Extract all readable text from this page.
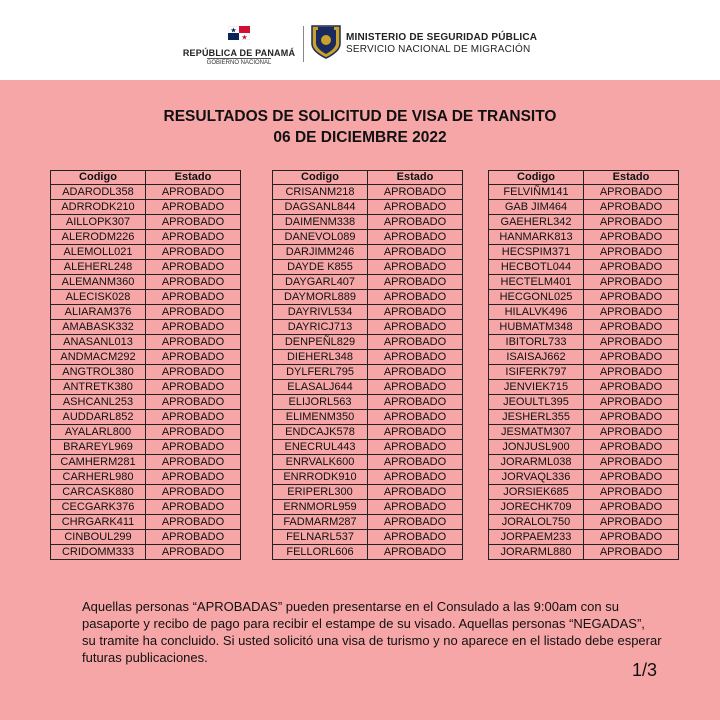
REPÚBLICA DE PANAMÁ
GOBIERNO NACIONAL
MINISTERIO DE SEGURIDAD PÚBLICA
SERVICIO NACIONAL DE MIGRACIÓN
RESULTADOS DE SOLICITUD DE VISA DE TRANSITO
06 DE DICIEMBRE 2022
Codigo	Estado
ADARODL358	APROBADO
ADRRODK210	APROBADO
AILLOPK307	APROBADO
ALERODM226	APROBADO
ALEMOLL021	APROBADO
ALEHERL248	APROBADO
ALEMANM360	APROBADO
ALECISK028	APROBADO
ALIARAM376	APROBADO
AMABASK332	APROBADO
ANASANL013	APROBADO
ANDMACM292	APROBADO
ANGTROL380	APROBADO
ANTRETK380	APROBADO
ASHCANL253	APROBADO
AUDDARL852	APROBADO
AYALARL800	APROBADO
BRAREYL969	APROBADO
CAMHERM281	APROBADO
CARHERL980	APROBADO
CARCASK880	APROBADO
CECGARK376	APROBADO
CHRGARK411	APROBADO
CINBOUL299	APROBADO
CRIDOMM333	APROBADO
Codigo	Estado
CRISANM218	APROBADO
DAGSANL844	APROBADO
DAIMENM338	APROBADO
DANEVOL089	APROBADO
DARJIMM246	APROBADO
DAYDE K855	APROBADO
DAYGARL407	APROBADO
DAYMORL889	APROBADO
DAYRIVL534	APROBADO
DAYRICJ713	APROBADO
DENPEÑL829	APROBADO
DIEHERL348	APROBADO
DYLFERL795	APROBADO
ELASALJ644	APROBADO
ELIJORL563	APROBADO
ELIMENM350	APROBADO
ENDCAJK578	APROBADO
ENECRUL443	APROBADO
ENRVALK600	APROBADO
ENRRODK910	APROBADO
ERIPERL300	APROBADO
ERNMORL959	APROBADO
FADMARM287	APROBADO
FELNARL537	APROBADO
FELLORL606	APROBADO
Codigo	Estado
FELVIÑM141	APROBADO
GAB JIM464	APROBADO
GAEHERL342	APROBADO
HANMARK813	APROBADO
HECSPIM371	APROBADO
HECBOTL044	APROBADO
HECTELM401	APROBADO
HECGONL025	APROBADO
HILALVK496	APROBADO
HUBMATM348	APROBADO
IBITORL733	APROBADO
ISAISAJ662	APROBADO
ISIFERK797	APROBADO
JENVIEK715	APROBADO
JEOULTL395	APROBADO
JESHERL355	APROBADO
JESMATM307	APROBADO
JONJUSL900	APROBADO
JORARML038	APROBADO
JORVAQL336	APROBADO
JORSIEK685	APROBADO
JORECHK709	APROBADO
JORALOL750	APROBADO
JORPAEM233	APROBADO
JORARML880	APROBADO
Aquellas personas “APROBADAS” pueden presentarse en el Consulado a las 9:00am con su pasaporte y recibo de pago para recibir el estampe de su visado. Aquellas personas “NEGADAS”, su tramite ha concluido. Si usted solicitó una visa de turismo y no aparece en el listado debe esperar futuras publicaciones.
1/3
